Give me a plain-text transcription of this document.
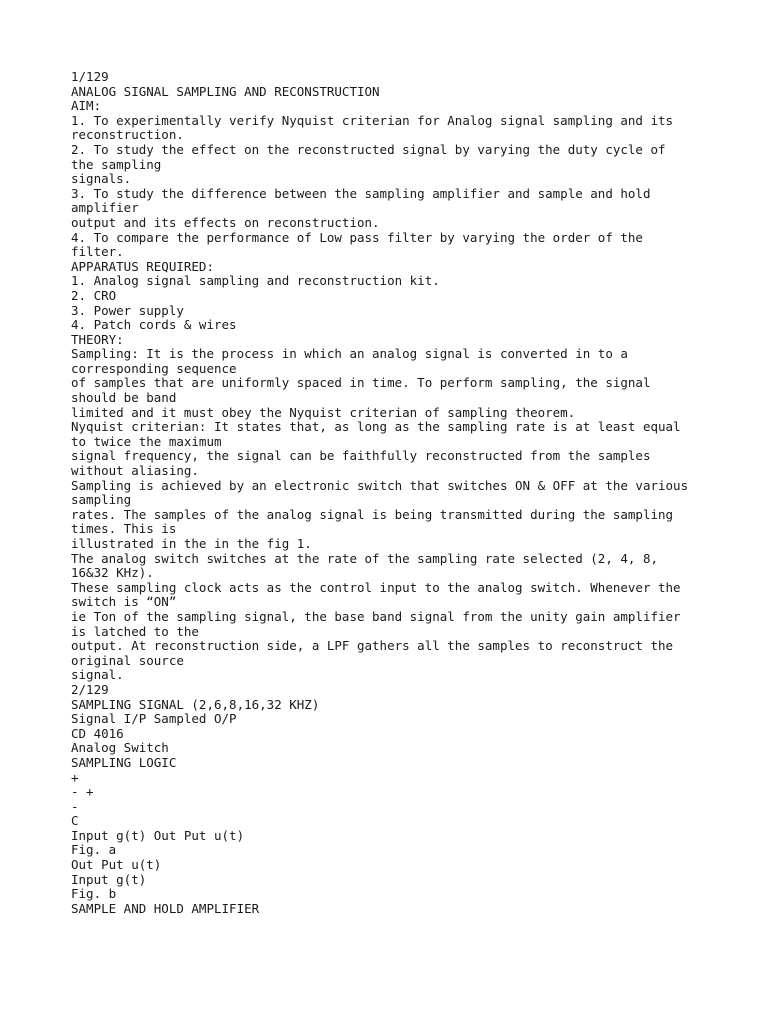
1/129
ANALOG SIGNAL SAMPLING AND RECONSTRUCTION
AIM:
1. To experimentally verify Nyquist criterian for Analog signal sampling and its
reconstruction.
2. To study the effect on the reconstructed signal by varying the duty cycle of
the sampling
signals.
3. To study the difference between the sampling amplifier and sample and hold
amplifier
output and its effects on reconstruction.
4. To compare the performance of Low pass filter by varying the order of the
filter.
APPARATUS REQUIRED:
1. Analog signal sampling and reconstruction kit.
2. CRO
3. Power supply
4. Patch cords & wires
THEORY:
Sampling: It is the process in which an analog signal is converted in to a
corresponding sequence
of samples that are uniformly spaced in time. To perform sampling, the signal
should be band
limited and it must obey the Nyquist criterian of sampling theorem.
Nyquist criterian: It states that, as long as the sampling rate is at least equal
to twice the maximum
signal frequency, the signal can be faithfully reconstructed from the samples
without aliasing.
Sampling is achieved by an electronic switch that switches ON & OFF at the various
sampling
rates. The samples of the analog signal is being transmitted during the sampling
times. This is
illustrated in the in the fig 1.
The analog switch switches at the rate of the sampling rate selected (2, 4, 8,
16&32 KHz).
These sampling clock acts as the control input to the analog switch. Whenever the
switch is “ON”
ie Ton of the sampling signal, the base band signal from the unity gain amplifier
is latched to the
output. At reconstruction side, a LPF gathers all the samples to reconstruct the
original source
signal.
2/129
SAMPLING SIGNAL (2,6,8,16,32 KHZ)
Signal I/P Sampled O/P
CD 4016
Analog Switch
SAMPLING LOGIC
+
- +
-
C
Input g(t) Out Put u(t)
Fig. a
Out Put u(t)
Input g(t)
Fig. b
SAMPLE AND HOLD AMPLIFIER
